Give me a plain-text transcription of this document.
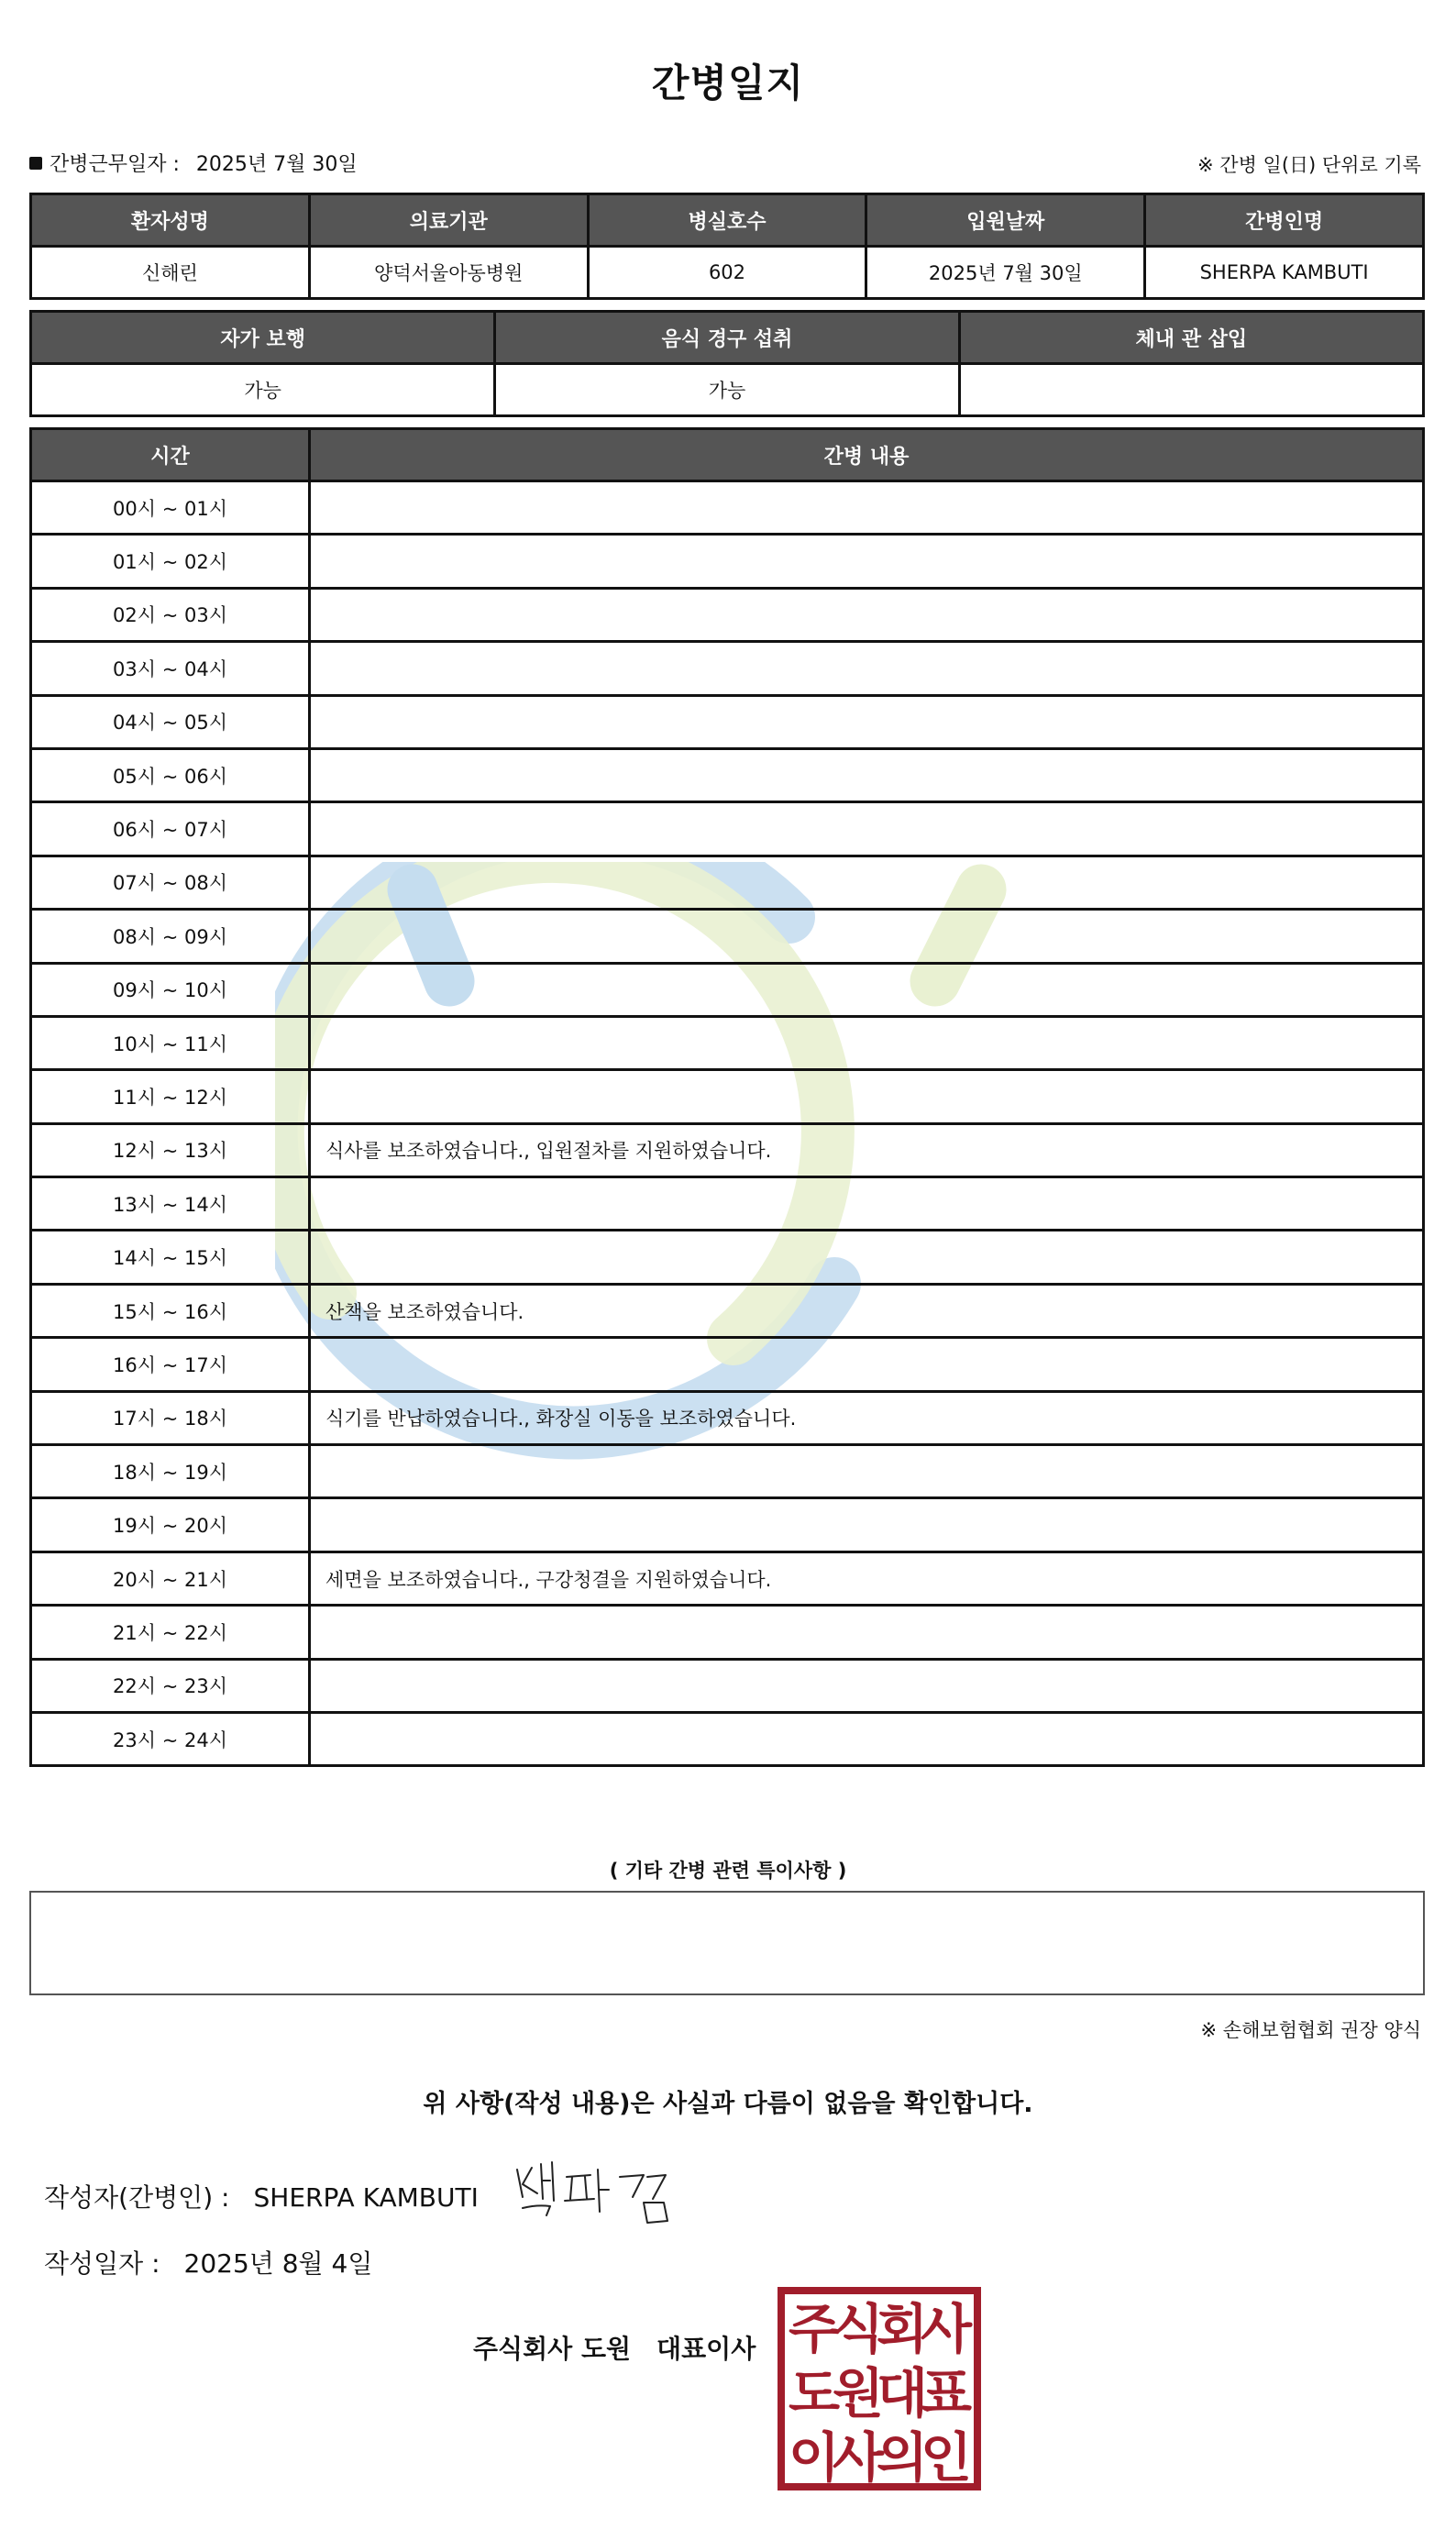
간병일지
간병근무일자 : 2025년 7월 30일	※ 간병 일(日) 단위로 기록
환자성명	의료기관	병실호수	입원날짜	간병인명
신해린	양덕서울아동병원	602	2025년 7월 30일	SHERPA KAMBUTI
자가 보행	음식 경구 섭취	체내 관 삽입
가능	가능	
시간	간병 내용
00시 ~ 01시	
01시 ~ 02시	
02시 ~ 03시	
03시 ~ 04시	
04시 ~ 05시	
05시 ~ 06시	
06시 ~ 07시	
07시 ~ 08시	
08시 ~ 09시	
09시 ~ 10시	
10시 ~ 11시	
11시 ~ 12시	
12시 ~ 13시	식사를 보조하였습니다., 입원절차를 지원하였습니다.
13시 ~ 14시	
14시 ~ 15시	
15시 ~ 16시	산책을 보조하였습니다.
16시 ~ 17시	
17시 ~ 18시	식기를 반납하였습니다., 화장실 이동을 보조하였습니다.
18시 ~ 19시	
19시 ~ 20시	
20시 ~ 21시	세면을 보조하였습니다., 구강청결을 지원하였습니다.
21시 ~ 22시	
22시 ~ 23시	
23시 ~ 24시	
( 기타 간병 관련 특이사항 )
※ 손해보험협회 권장 양식
위 사항(작성 내용)은 사실과 다름이 없음을 확인합니다.
작성자(간병인) : SHERPA KAMBUTI
작성일자 : 2025년 8월 4일
주식회사 도원 대표이사 주
식
회
사
도
원
대
표
이
사
의
인
